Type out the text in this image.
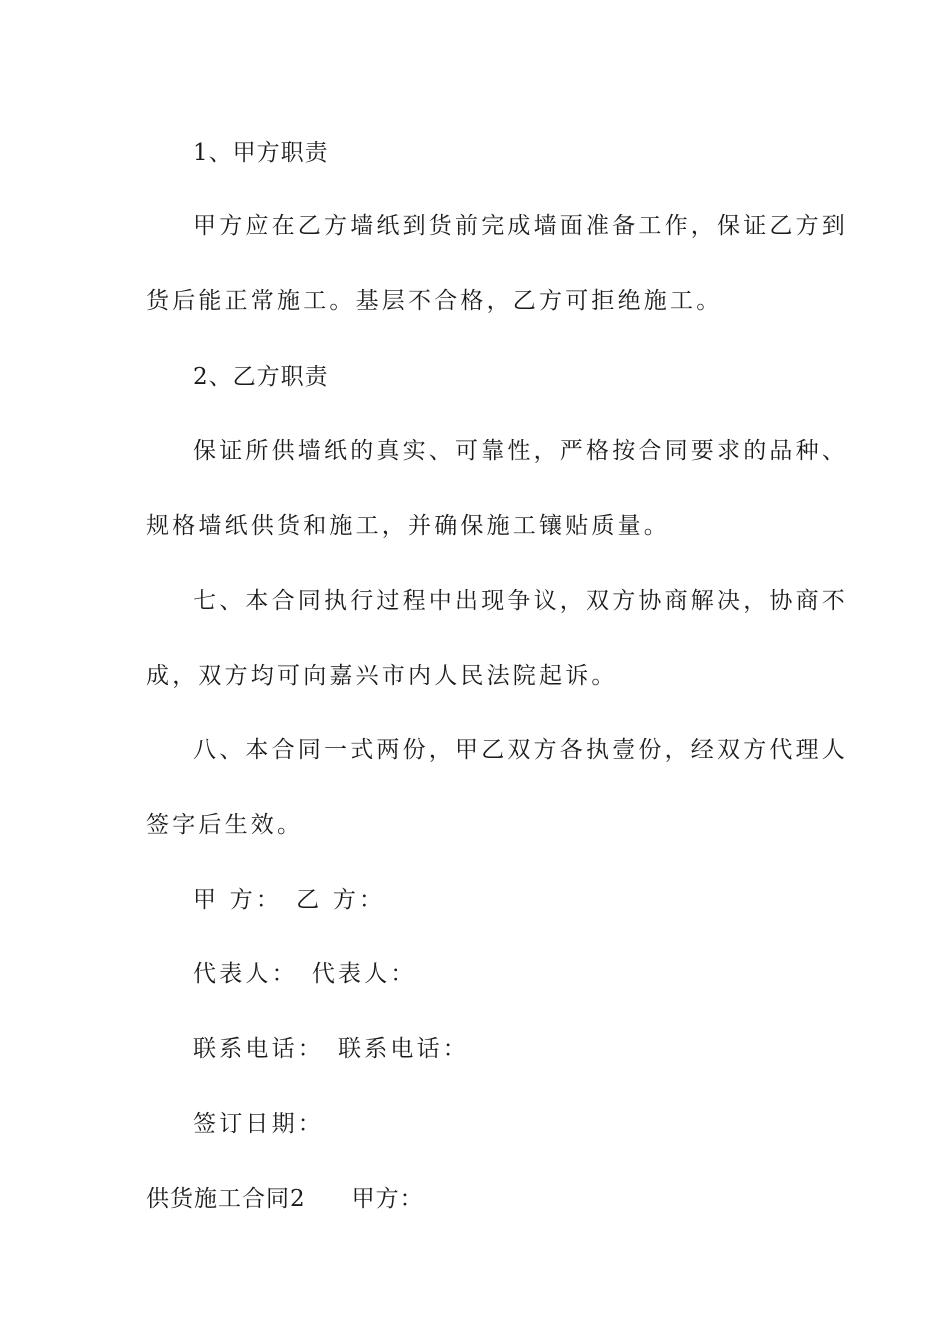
1、甲方职责
甲方应在乙方墙纸到货前完成墙面准备工作，保证乙方到
货后能正常施工。基层不合格，乙方可拒绝施工。
2、乙方职责
保证所供墙纸的真实、可靠性，严格按合同要求的品种、
规格墙纸供货和施工，并确保施工镶贴质量。
七、本合同执行过程中出现争议，双方协商解决，协商不
成，双方均可向嘉兴市内人民法院起诉。
八、本合同一式两份，甲乙双方各执壹份，经双方代理人
签字后生效。
甲 方： 乙 方：
代表人： 代表人：
联系电话： 联系电话：
签订日期：
供货施工合同2 甲方：
